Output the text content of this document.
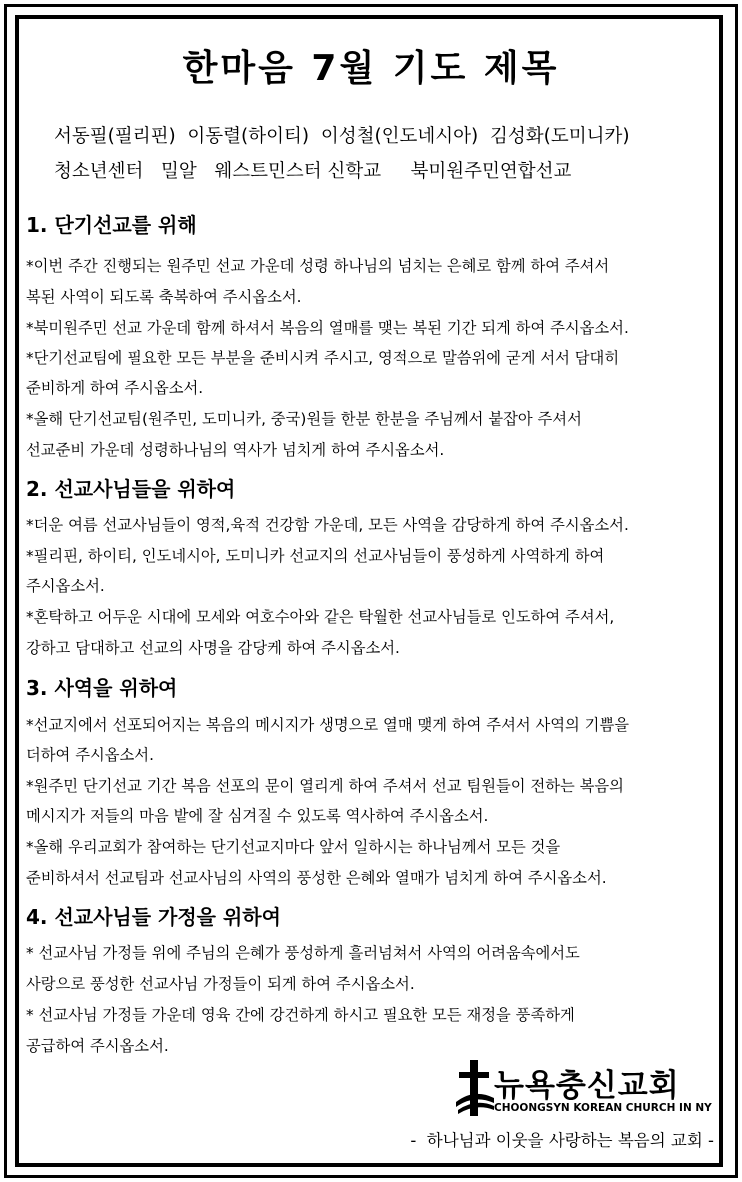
한마음 7월 기도 제목
서동필(필리핀)  이동렬(하이티)  이성철(인도네시아)  김성화(도미니카)
청소년센터   밀알   웨스트민스터 신학교     북미원주민연합선교
1. 단기선교를 위해
*이번 주간 진행되는 원주민 선교 가운데 성령 하나님의 넘치는 은혜로 함께 하여 주셔서
복된 사역이 되도록 축복하여 주시옵소서.
*북미원주민 선교 가운데 함께 하셔서 복음의 열매를 맺는 복된 기간 되게 하여 주시옵소서.
*단기선교팀에 필요한 모든 부분을 준비시켜 주시고, 영적으로 말씀위에 굳게 서서 담대히
준비하게 하여 주시옵소서.
*올해 단기선교팀(원주민, 도미니카, 중국)원들 한분 한분을 주님께서 붙잡아 주셔서
선교준비 가운데 성령하나님의 역사가 넘치게 하여 주시옵소서.
2. 선교사님들을 위하여
*더운 여름 선교사님들이 영적,육적 건강함 가운데, 모든 사역을 감당하게 하여 주시옵소서.
*필리핀, 하이티, 인도네시아, 도미니카 선교지의 선교사님들이 풍성하게 사역하게 하여
주시옵소서.
*혼탁하고 어두운 시대에 모세와 여호수아와 같은 탁월한 선교사님들로 인도하여 주셔서,
강하고 담대하고 선교의 사명을 감당케 하여 주시옵소서.
3. 사역을 위하여
*선교지에서 선포되어지는 복음의 메시지가 생명으로 열매 맺게 하여 주셔서 사역의 기쁨을
더하여 주시옵소서.
*원주민 단기선교 기간 복음 선포의 문이 열리게 하여 주셔서 선교 팀원들이 전하는 복음의
메시지가 저들의 마음 밭에 잘 심겨질 수 있도록 역사하여 주시옵소서.
*올해 우리교회가 참여하는 단기선교지마다 앞서 일하시는 하나님께서 모든 것을
준비하셔서 선교팀과 선교사님의 사역의 풍성한 은혜와 열매가 넘치게 하여 주시옵소서.
4. 선교사님들 가정을 위하여
* 선교사님 가정들 위에 주님의 은혜가 풍성하게 흘러넘쳐서 사역의 어려움속에서도
사랑으로 풍성한 선교사님 가정들이 되게 하여 주시옵소서.
* 선교사님 가정들 가운데 영육 간에 강건하게 하시고 필요한 모든 재정을 풍족하게
공급하여 주시옵소서.
뉴욕충신교회
CHOONGSYN KOREAN CHURCH IN NY
-  하나님과 이웃을 사랑하는 복음의 교회 -
